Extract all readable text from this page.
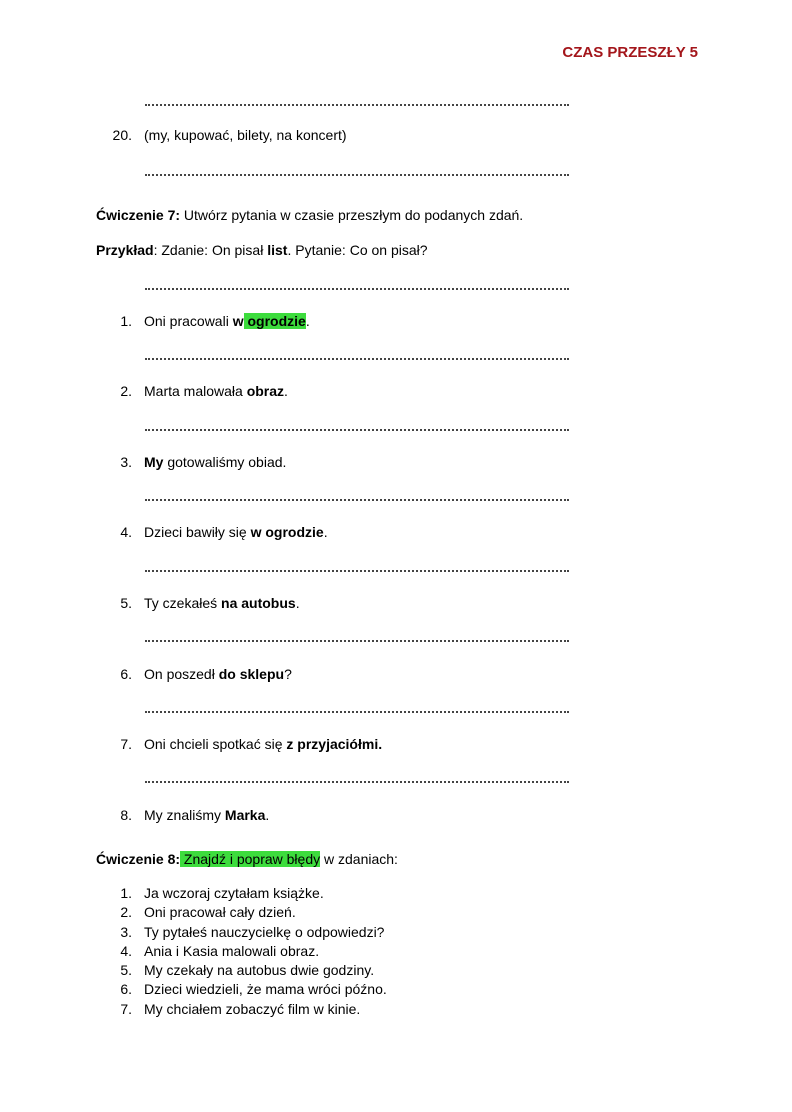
CZAS PRZESZŁY 5
20. (my, kupować, bilety, na koncert)
Ćwiczenie 7: Utwórz pytania w czasie przeszłym do podanych zdań.
Przykład: Zdanie: On pisał list. Pytanie: Co on pisał?
1. Oni pracowali w ogrodzie.
2. Marta malowała obraz.
3. My gotowaliśmy obiad.
4. Dzieci bawiły się w ogrodzie.
5. Ty czekałeś na autobus.
6. On poszedł do sklepu?
7. Oni chcieli spotkać się z przyjaciółmi.
8. My znaliśmy Marka.
Ćwiczenie 8: Znajdź i popraw błędy w zdaniach:
1. Ja wczoraj czytałam książke.
2. Oni pracował cały dzień.
3. Ty pytałeś nauczycielkę o odpowiedzi?
4. Ania i Kasia malowali obraz.
5. My czekały na autobus dwie godziny.
6. Dzieci wiedzieli, że mama wróci późno.
7. My chciałem zobaczyć film w kinie.
